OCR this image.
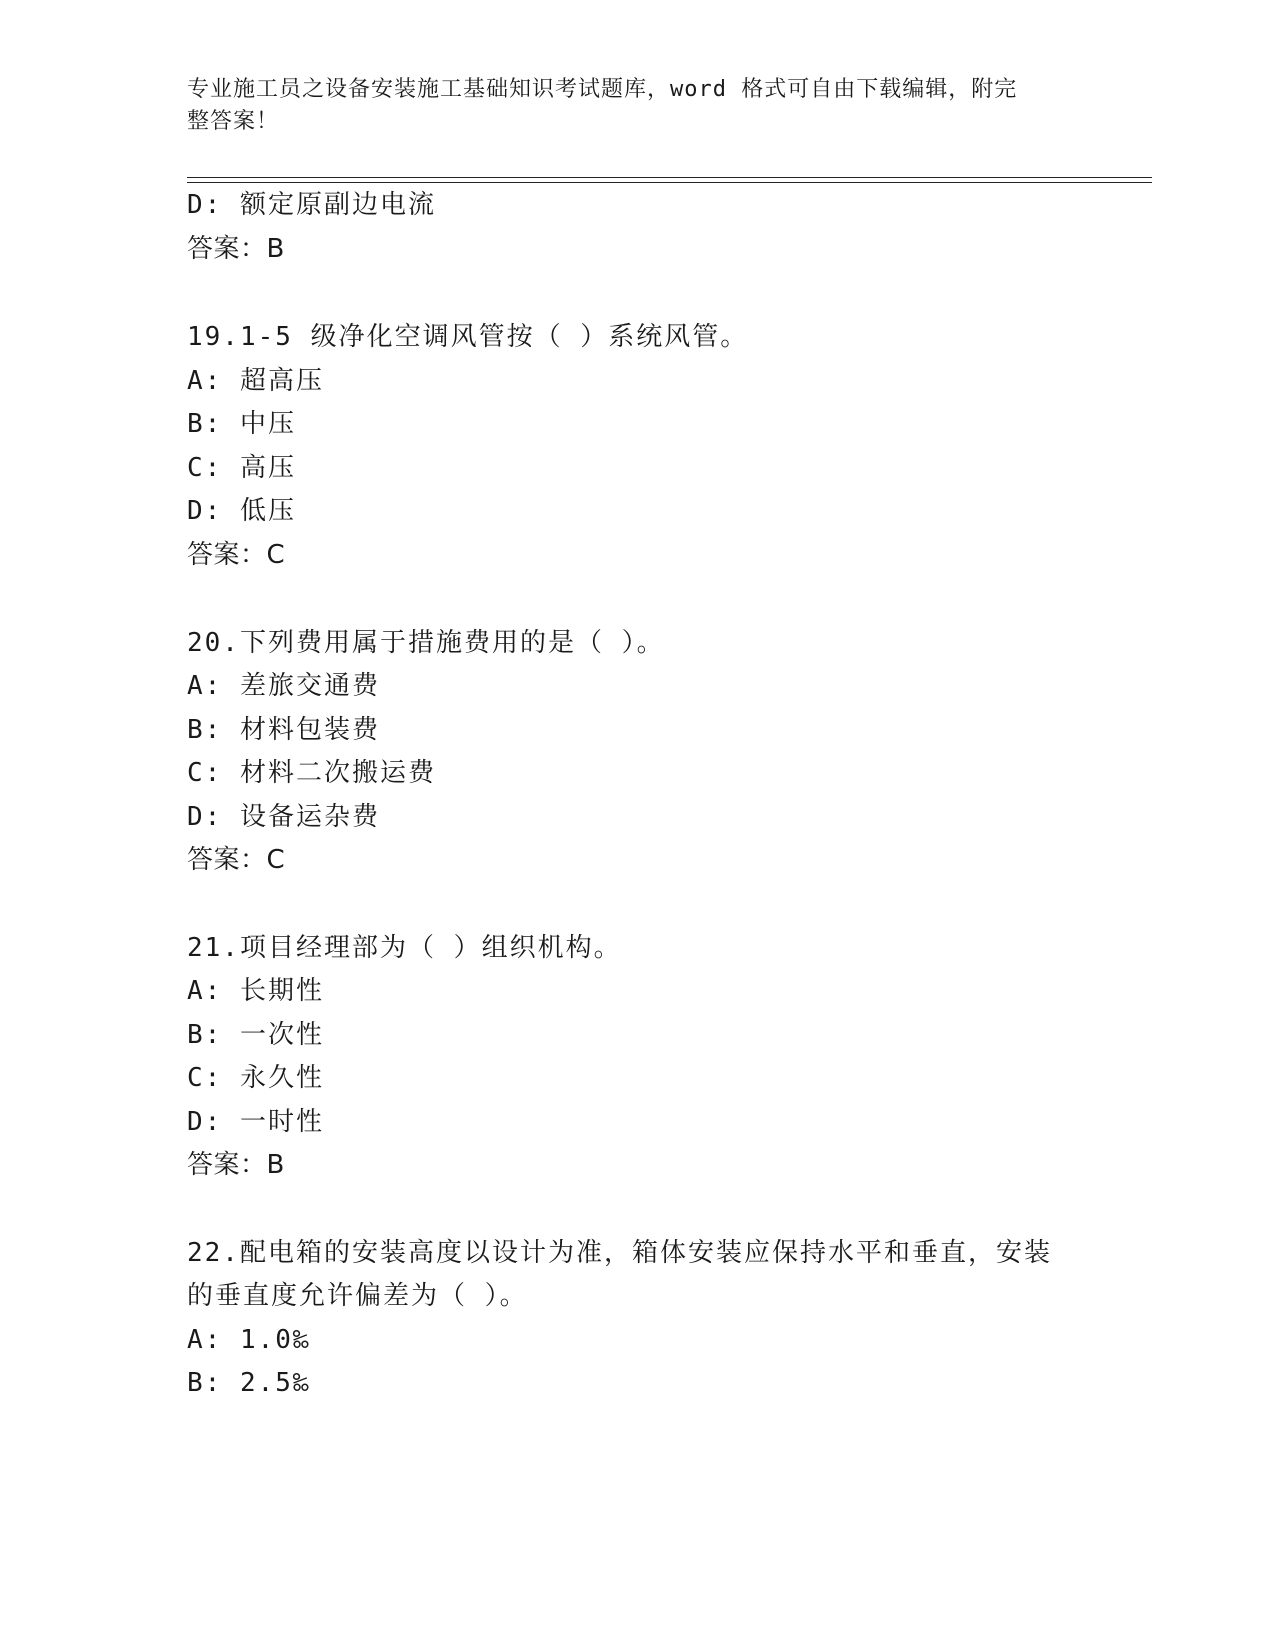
专业施工员之设备安装施工基础知识考试题库，word 格式可自由下载编辑，附完
整答案！
D: 额定原副边电流
答案：B
19.1-5 级净化空调风管按（ ）系统风管。
A: 超高压
B: 中压
C: 高压
D: 低压
答案：C
20.下列费用属于措施费用的是（ ）。
A: 差旅交通费
B: 材料包装费
C: 材料二次搬运费
D: 设备运杂费
答案：C
21.项目经理部为（ ）组织机构。
A: 长期性
B: 一次性
C: 永久性
D: 一时性
答案：B
22.配电箱的安装高度以设计为准，箱体安装应保持水平和垂直，安装
的垂直度允许偏差为（ ）。
A: 1.0‰
B: 2.5‰
